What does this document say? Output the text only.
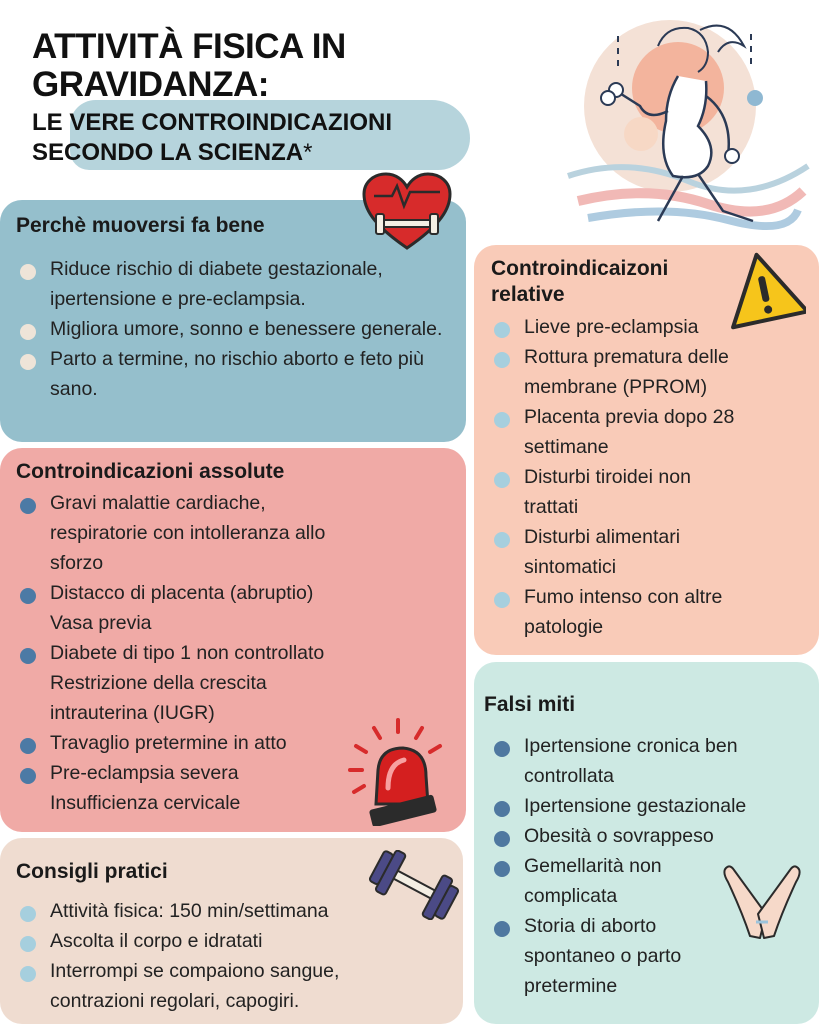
ATTIVITÀ FISICA IN
GRAVIDANZA:
LE VERE CONTROINDICAZIONI
SECONDO LA SCIENZA*
Perchè muoversi fa bene
Riduce rischio di diabete gestazionale, ipertensione e pre-eclampsia.
Migliora umore, sonno e benessere generale.
Parto a termine, no rischio aborto e feto più sano.
Controindicazioni assolute
Gravi malattie cardiache,
respiratorie con intolleranza allo
sforzo
Distacco di placenta (abruptio)
Vasa previa
Diabete di tipo 1 non controllato
Restrizione della crescita
intrauterina (IUGR)
Travaglio pretermine in atto
Pre-eclampsia severa
Insufficienza cervicale
Consigli pratici
Attività fisica: 150 min/settimana
Ascolta il corpo e idratati
Interrompi se compaiono sangue, contrazioni regolari, capogiri.
Controindicaizoni
relative
Lieve pre-eclampsia
Rottura prematura delle
membrane (PPROM)
Placenta previa dopo 28
settimane
Disturbi tiroidei non
trattati
Disturbi alimentari
sintomatici
Fumo intenso con altre
patologie
Falsi miti
Ipertensione cronica ben
controllata
Ipertensione gestazionale
Obesità o sovrappeso
Gemellarità non
complicata
Storia di aborto
spontaneo o parto
pretermine
